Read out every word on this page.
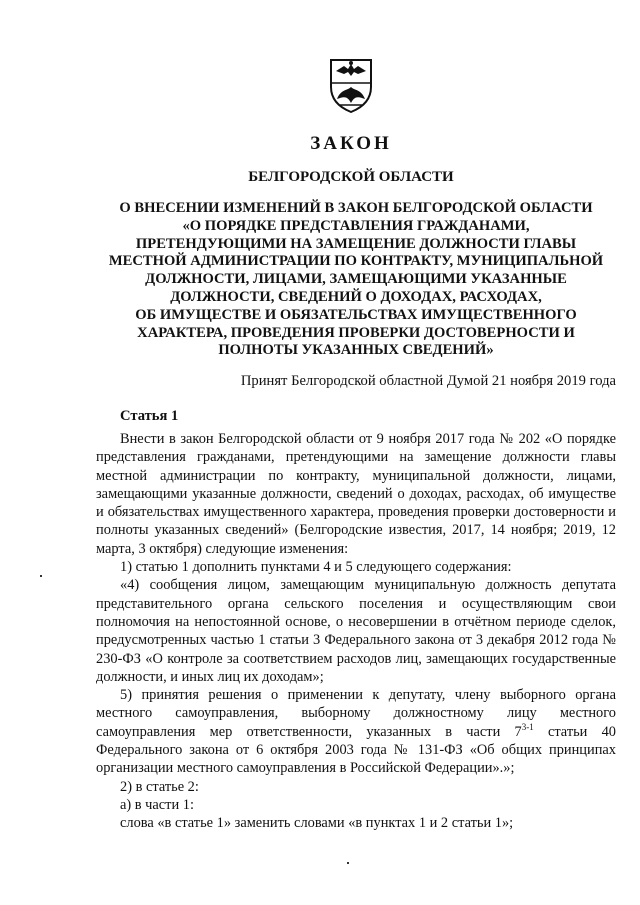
ЗАКОН
БЕЛГОРОДСКОЙ ОБЛАСТИ
О ВНЕСЕНИИ ИЗМЕНЕНИЙ В ЗАКОН БЕЛГОРОДСКОЙ ОБЛАСТИ
«О ПОРЯДКЕ ПРЕДСТАВЛЕНИЯ ГРАЖДАНАМИ,
ПРЕТЕНДУЮЩИМИ НА ЗАМЕЩЕНИЕ ДОЛЖНОСТИ ГЛАВЫ
МЕСТНОЙ АДМИНИСТРАЦИИ ПО КОНТРАКТУ, МУНИЦИПАЛЬНОЙ
ДОЛЖНОСТИ, ЛИЦАМИ, ЗАМЕЩАЮЩИМИ УКАЗАННЫЕ
ДОЛЖНОСТИ, СВЕДЕНИЙ О ДОХОДАХ, РАСХОДАХ,
ОБ ИМУЩЕСТВЕ И ОБЯЗАТЕЛЬСТВАХ ИМУЩЕСТВЕННОГО
ХАРАКТЕРА, ПРОВЕДЕНИЯ ПРОВЕРКИ ДОСТОВЕРНОСТИ И
ПОЛНОТЫ УКАЗАННЫХ СВЕДЕНИЙ»
Принят Белгородской областной Думой 21 ноября 2019 года
Статья 1

Внести в закон Белгородской области от 9 ноября 2017 года № 202 «О порядке представления гражданами, претендующими на замещение должности главы местной администрации по контракту, муниципальной должности, лицами, замещающими указанные должности, сведений о доходах, расходах, об имуществе и обязательствах имущественного характера, проведения проверки достоверности и полноты указанных сведений» (Белгородские известия, 2017, 14 ноября; 2019, 12 марта, 3 октября) следующие изменения:

1) статью 1 дополнить пунктами 4 и 5 следующего содержания:

«4) сообщения лицом, замещающим муниципальную должность депутата представительного органа сельского поселения и осуществляющим свои полномочия на непостоянной основе, о несовершении в отчётном периоде сделок, предусмотренных частью 1 статьи 3 Федерального закона от 3 декабря 2012 года № 230-ФЗ «О контроле за соответствием расходов лиц, замещающих государственные должности, и иных лиц их доходам»;

5) принятия решения о применении к депутату, члену выборного органа местного самоуправления, выборному должностному лицу местного самоуправления мер ответственности, указанных в части 7$^{3-1}$ статьи 40 Федерального закона от 6 октября 2003 года № 131-ФЗ «Об общих принципах организации местного самоуправления в Российской Федерации».»;

2) в статье 2:

а) в части 1:

слова «в статье 1» заменить словами «в пунктах 1 и 2 статьи 1»;
